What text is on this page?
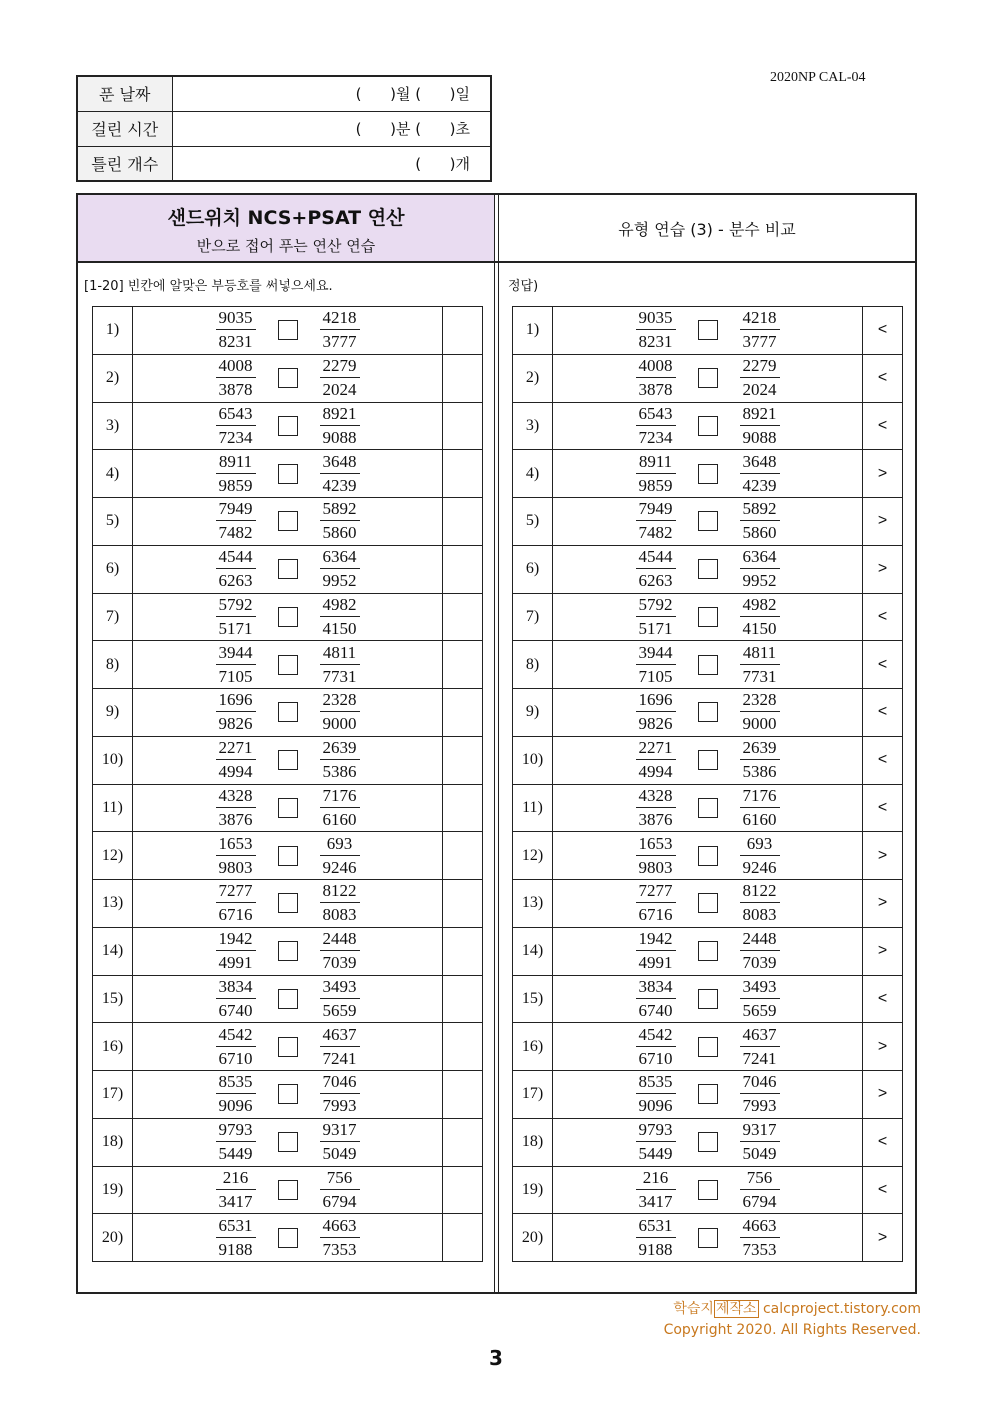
2020NP CAL-04
푼 날짜	(      )월 (      )일
걸린 시간	(      )분 (      )초
틀린 개수	(      )개
샌드위치 NCS+PSAT 연산
반으로 접어 푸는 연산 연습
유형 연습 (3) - 분수 비교
[1-20] 빈칸에 알맞은 부등호를 써넣으세요.	정답)
1)	$\frac{9035}{8231} \frac{4218}{3777}$

2)	$\frac{4008}{3878} \frac{2279}{2024}$

3)	$\frac{6543}{7234} \frac{8921}{9088}$

4)	$\frac{8911}{9859} \frac{3648}{4239}$

5)	$\frac{7949}{7482} \frac{5892}{5860}$

6)	$\frac{4544}{6263} \frac{6364}{9952}$

7)	$\frac{5792}{5171} \frac{4982}{4150}$

8)	$\frac{3944}{7105} \frac{4811}{7731}$

9)	$\frac{1696}{9826} \frac{2328}{9000}$

10)	$\frac{2271}{4994} \frac{2639}{5386}$

11)	$\frac{4328}{3876} \frac{7176}{6160}$

12)	$\frac{1653}{9803} \frac{693}{9246}$

13)	$\frac{7277}{6716} \frac{8122}{8083}$

14)	$\frac{1942}{4991} \frac{2448}{7039}$

15)	$\frac{3834}{6740} \frac{3493}{5659}$

16)	$\frac{4542}{6710} \frac{4637}{7241}$

17)	$\frac{8535}{9096} \frac{7046}{7993}$

18)	$\frac{9793}{5449} \frac{9317}{5049}$

19)	$\frac{216}{3417} \frac{756}{6794}$

20)	$\frac{6531}{9188} \frac{4663}{7353}$

1)	$\frac{9035}{8231} \frac{4218}{3777}$	<
2)	$\frac{4008}{3878} \frac{2279}{2024}$	<
3)	$\frac{6543}{7234} \frac{8921}{9088}$	<
4)	$\frac{8911}{9859} \frac{3648}{4239}$	>
5)	$\frac{7949}{7482} \frac{5892}{5860}$	>
6)	$\frac{4544}{6263} \frac{6364}{9952}$	>
7)	$\frac{5792}{5171} \frac{4982}{4150}$	<
8)	$\frac{3944}{7105} \frac{4811}{7731}$	<
9)	$\frac{1696}{9826} \frac{2328}{9000}$	<
10)	$\frac{2271}{4994} \frac{2639}{5386}$	<
11)	$\frac{4328}{3876} \frac{7176}{6160}$	<
12)	$\frac{1653}{9803} \frac{693}{9246}$	>
13)	$\frac{7277}{6716} \frac{8122}{8083}$	>
14)	$\frac{1942}{4991} \frac{2448}{7039}$	>
15)	$\frac{3834}{6740} \frac{3493}{5659}$	<
16)	$\frac{4542}{6710} \frac{4637}{7241}$	>
17)	$\frac{8535}{9096} \frac{7046}{7993}$	>
18)	$\frac{9793}{5449} \frac{9317}{5049}$	<
19)	$\frac{216}{3417} \frac{756}{6794}$	<
20)	$\frac{6531}{9188} \frac{4663}{7353}$	>
학습지 제작소 calcproject.tistory.com
Copyright 2020. All Rights Reserved.
3
